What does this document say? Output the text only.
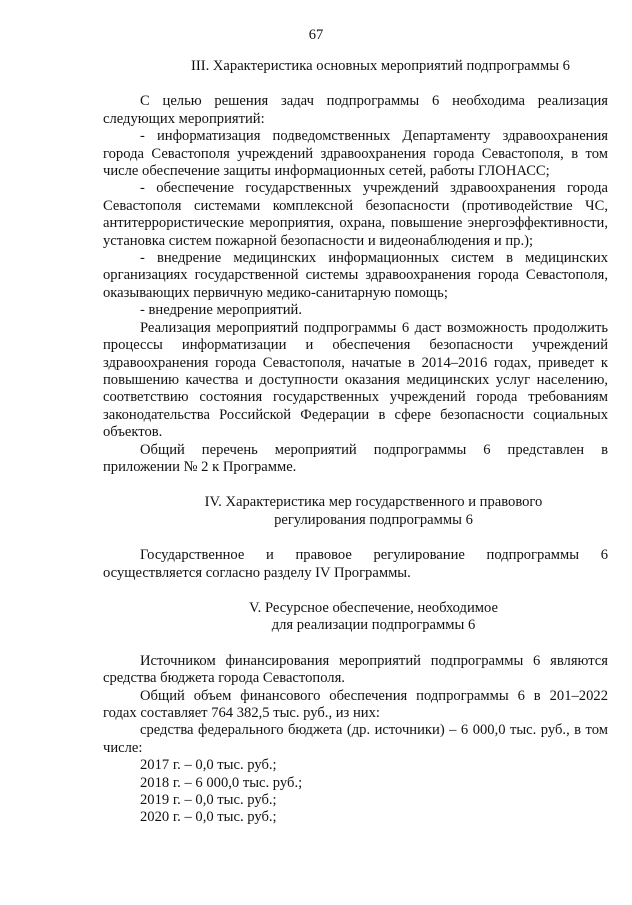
67

III. Характеристика основных мероприятий подпрограммы 6

С целью решения задач подпрограммы 6 необходима реализация следующих мероприятий:

- информатизация подведомственных Департаменту здравоохранения города Севастополя учреждений здравоохранения города Севастополя, в том числе обеспечение защиты информационных сетей, работы ГЛОНАСС;

- обеспечение государственных учреждений здравоохранения города Севастополя системами комплексной безопасности (противодействие ЧС, антитеррористические мероприятия, охрана, повышение энергоэффективности, установка систем пожарной безопасности и видеонаблюдения и пр.);

- внедрение медицинских информационных систем в медицинских организациях государственной системы здравоохранения города Севастополя, оказывающих первичную медико-санитарную помощь;

- внедрение мероприятий.

Реализация мероприятий подпрограммы 6 даст возможность продолжить процессы информатизации и обеспечения безопасности учреждений здравоохранения города Севастополя, начатые в 2014–2016 годах, приведет к повышению качества и доступности оказания медицинских услуг населению, соответствию состояния государственных учреждений города требованиям законодательства Российской Федерации в сфере безопасности социальных объектов.

Общий перечень мероприятий подпрограммы 6 представлен в приложении № 2 к Программе.

IV. Характеристика мер государственного и правового
регулирования подпрограммы 6

Государственное и правовое регулирование подпрограммы 6 осуществляется согласно разделу IV Программы.

V. Ресурсное обеспечение, необходимое
для реализации подпрограммы 6

Источником финансирования мероприятий подпрограммы 6 являются средства бюджета города Севастополя.

Общий объем финансового обеспечения подпрограммы 6 в 201–2022 годах составляет 764 382,5 тыс. руб., из них:

средства федерального бюджета (др. источники) – 6 000,0 тыс. руб., в том числе:

2017 г. – 0,0 тыс. руб.;

2018 г. – 6 000,0 тыс. руб.;

2019 г. – 0,0 тыс. руб.;

2020 г. – 0,0 тыс. руб.;
